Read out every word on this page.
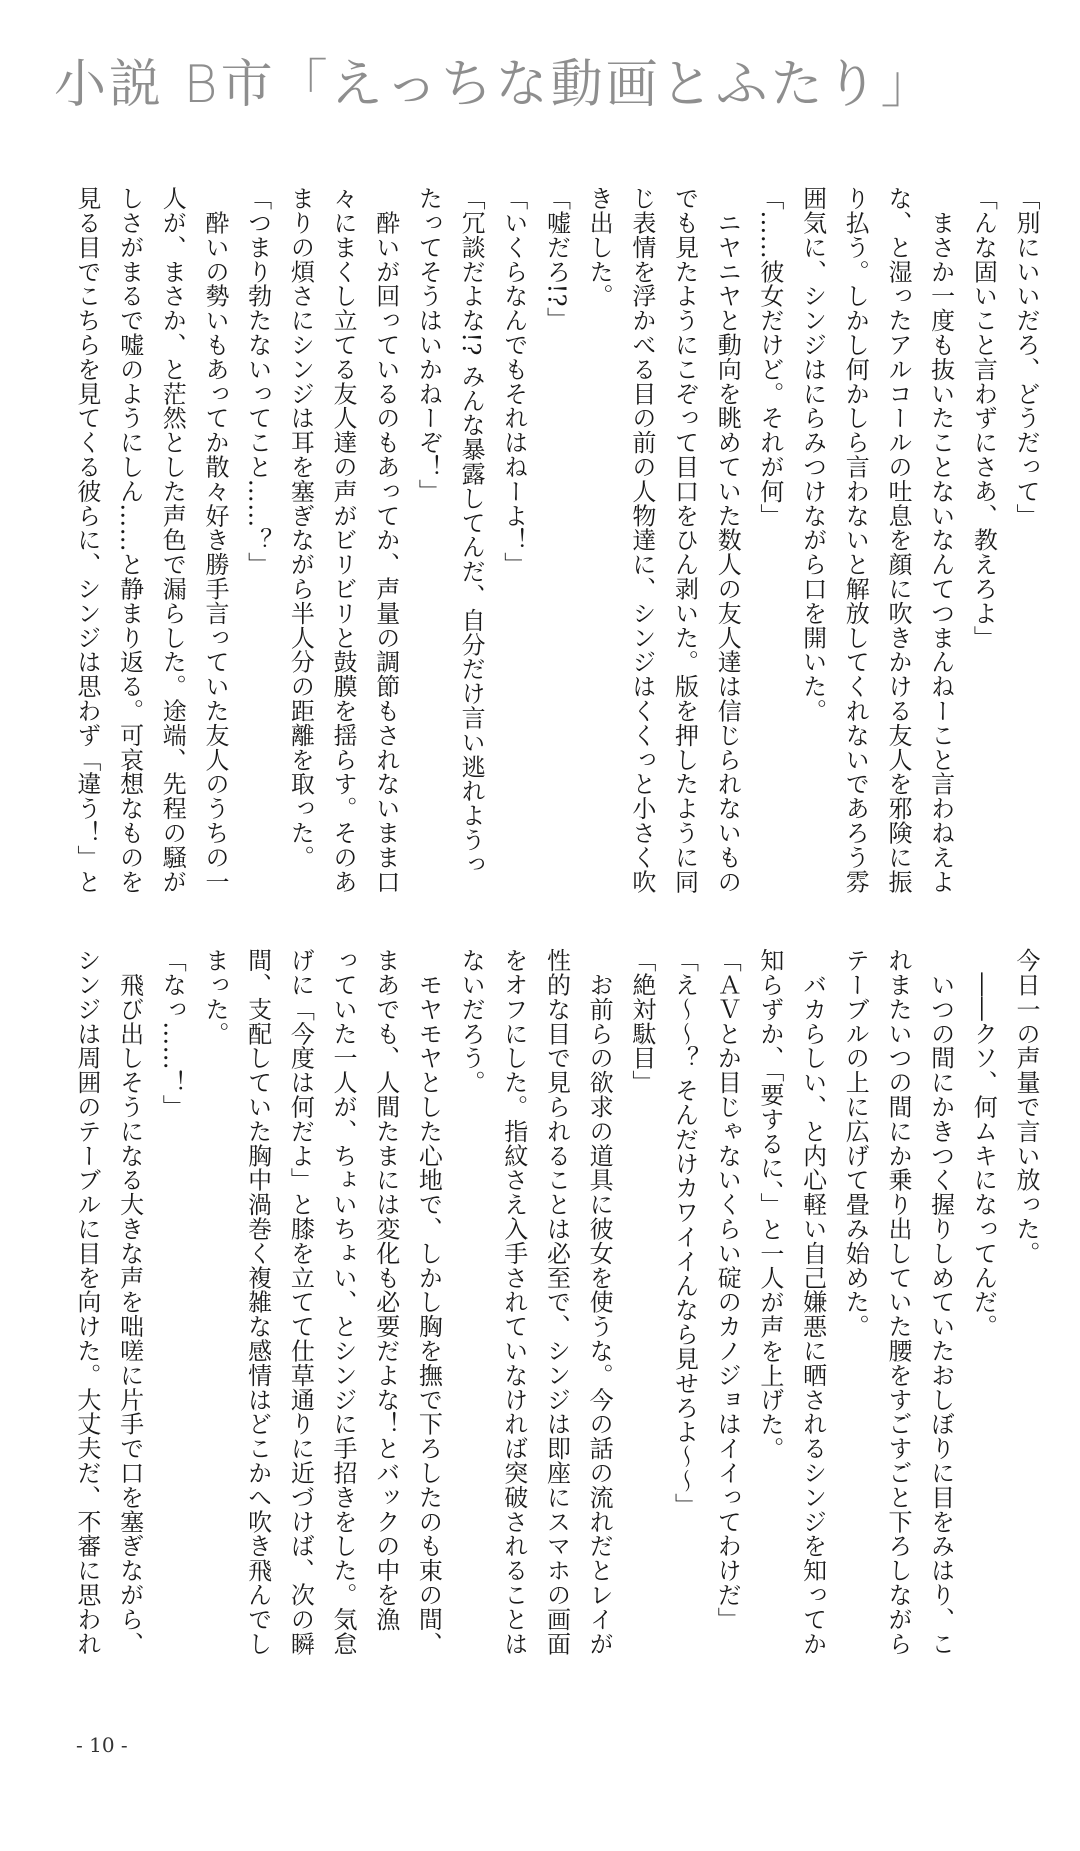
小説 B市「えっちな動画とふたり」
「別にいいだろ、どうだって」
「んな固いこと言わずにさあ、教えろよ」
　まさか一度も抜いたことないなんてつまんねーこと言わねえよ
な、と湿ったアルコールの吐息を顔に吹きかける友人を邪険に振
り払う。しかし何かしら言わないと解放してくれないであろう雰
囲気に、シンジはにらみつけながら口を開いた。
「……彼女だけど。それが何」
　ニヤニヤと動向を眺めていた数人の友人達は信じられないもの
でも見たようにこぞって目口をひん剥いた。版を押したように同
じ表情を浮かべる目の前の人物達に、シンジはくくっと小さく吹
き出した。
「嘘だろ!?」
「いくらなんでもそれはねーよ！」
「冗談だよな!? みんな暴露してんだ、自分だけ言い逃れようっ
たってそうはいかねーぞ！」
　酔いが回っているのもあってか、声量の調節もされないまま口
々にまくし立てる友人達の声がビリビリと鼓膜を揺らす。そのあ
まりの煩さにシンジは耳を塞ぎながら半人分の距離を取った。
「つまり勃たないってこと……？」
　酔いの勢いもあってか散々好き勝手言っていた友人のうちの一
人が、まさか、と茫然とした声色で漏らした。途端、先程の騒が
しさがまるで嘘のようにしん……と静まり返る。可哀想なものを
見る目でこちらを見てくる彼らに、シンジは思わず「違う！」と
今日一の声量で言い放った。
　――クソ、何ムキになってんだ。
　いつの間にかきつく握りしめていたおしぼりに目をみはり、こ
れまたいつの間にか乗り出していた腰をすごすごと下ろしながら
テーブルの上に広げて畳み始めた。
　バカらしい、と内心軽い自己嫌悪に晒されるシンジを知ってか
知らずか、「要するに、」と一人が声を上げた。
「ＡＶとか目じゃないくらい碇のカノジョはイイってわけだ」
「え～～？ そんだけカワイイんなら見せろよ～～」
「絶対駄目」
　お前らの欲求の道具に彼女を使うな。今の話の流れだとレイが
性的な目で見られることは必至で、シンジは即座にスマホの画面
をオフにした。指紋さえ入手されていなければ突破されることは
ないだろう。
　モヤモヤとした心地で、しかし胸を撫で下ろしたのも束の間、
まあでも、人間たまには変化も必要だよな！とバックの中を漁
っていた一人が、ちょいちょい、とシンジに手招きをした。気怠
げに「今度は何だよ」と膝を立てて仕草通りに近づけば、次の瞬
間、支配していた胸中渦巻く複雑な感情はどこかへ吹き飛んでし
まった。
「なっ……！」
　飛び出しそうになる大きな声を咄嗟に片手で口を塞ぎながら、
シンジは周囲のテーブルに目を向けた。大丈夫だ、不審に思われ
- 10 -
